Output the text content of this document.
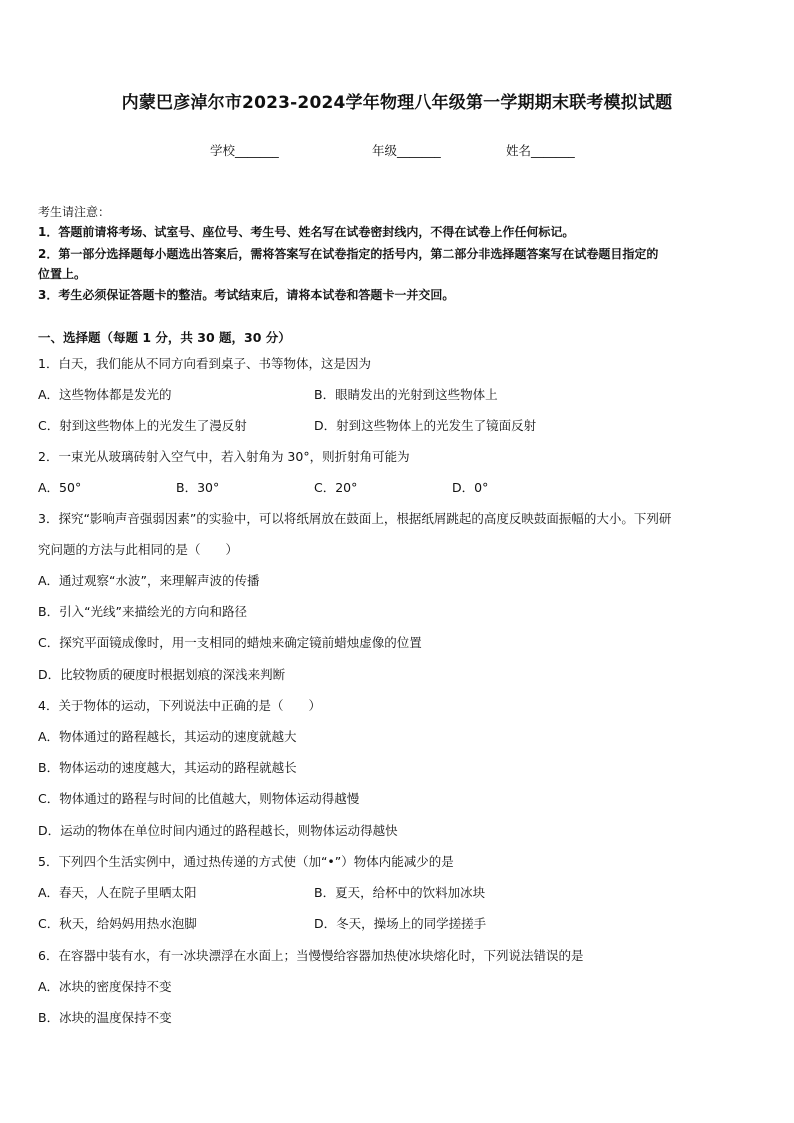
内蒙巴彦淖尔市2023-2024学年物理八年级第一学期期末联考模拟试题
学校_______	年级_______	姓名_______
考生请注意：
1．答题前请将考场、试室号、座位号、考生号、姓名写在试卷密封线内，不得在试卷上作任何标记。
2．第一部分选择题每小题选出答案后，需将答案写在试卷指定的括号内，第二部分非选择题答案写在试卷题目指定的
位置上。
3．考生必须保证答题卡的整洁。考试结束后，请将本试卷和答题卡一并交回。
一、选择题（每题 1 分，共 30 题，30 分）
1．白天，我们能从不同方向看到桌子、书等物体，这是因为
A．这些物体都是发光的	B．眼睛发出的光射到这些物体上
C．射到这些物体上的光发生了漫反射	D．射到这些物体上的光发生了镜面反射
2．一束光从玻璃砖射入空气中，若入射角为 30°，则折射角可能为
A．50°	B．30°	C．20°	D．0°
3．探究“影响声音强弱因素”的实验中，可以将纸屑放在鼓面上，根据纸屑跳起的高度反映鼓面振幅的大小。下列研
究问题的方法与此相同的是（　　）
A．通过观察“水波”，来理解声波的传播
B．引入“光线”来描绘光的方向和路径
C．探究平面镜成像时，用一支相同的蜡烛来确定镜前蜡烛虚像的位置
D．比较物质的硬度时根据划痕的深浅来判断
4．关于物体的运动，下列说法中正确的是（　　）
A．物体通过的路程越长，其运动的速度就越大
B．物体运动的速度越大，其运动的路程就越长
C．物体通过的路程与时间的比值越大，则物体运动得越慢
D．运动的物体在单位时间内通过的路程越长，则物体运动得越快
5．下列四个生活实例中，通过热传递的方式使（加“•”）物体内能减少的是
A．春天，人在院子里晒太阳	B．夏天，给杯中的饮料加冰块
C．秋天，给妈妈用热水泡脚	D．冬天，操场上的同学搓搓手
6．在容器中装有水，有一冰块漂浮在水面上；当慢慢给容器加热使冰块熔化时，下列说法错误的是
A．冰块的密度保持不变
B．冰块的温度保持不变
